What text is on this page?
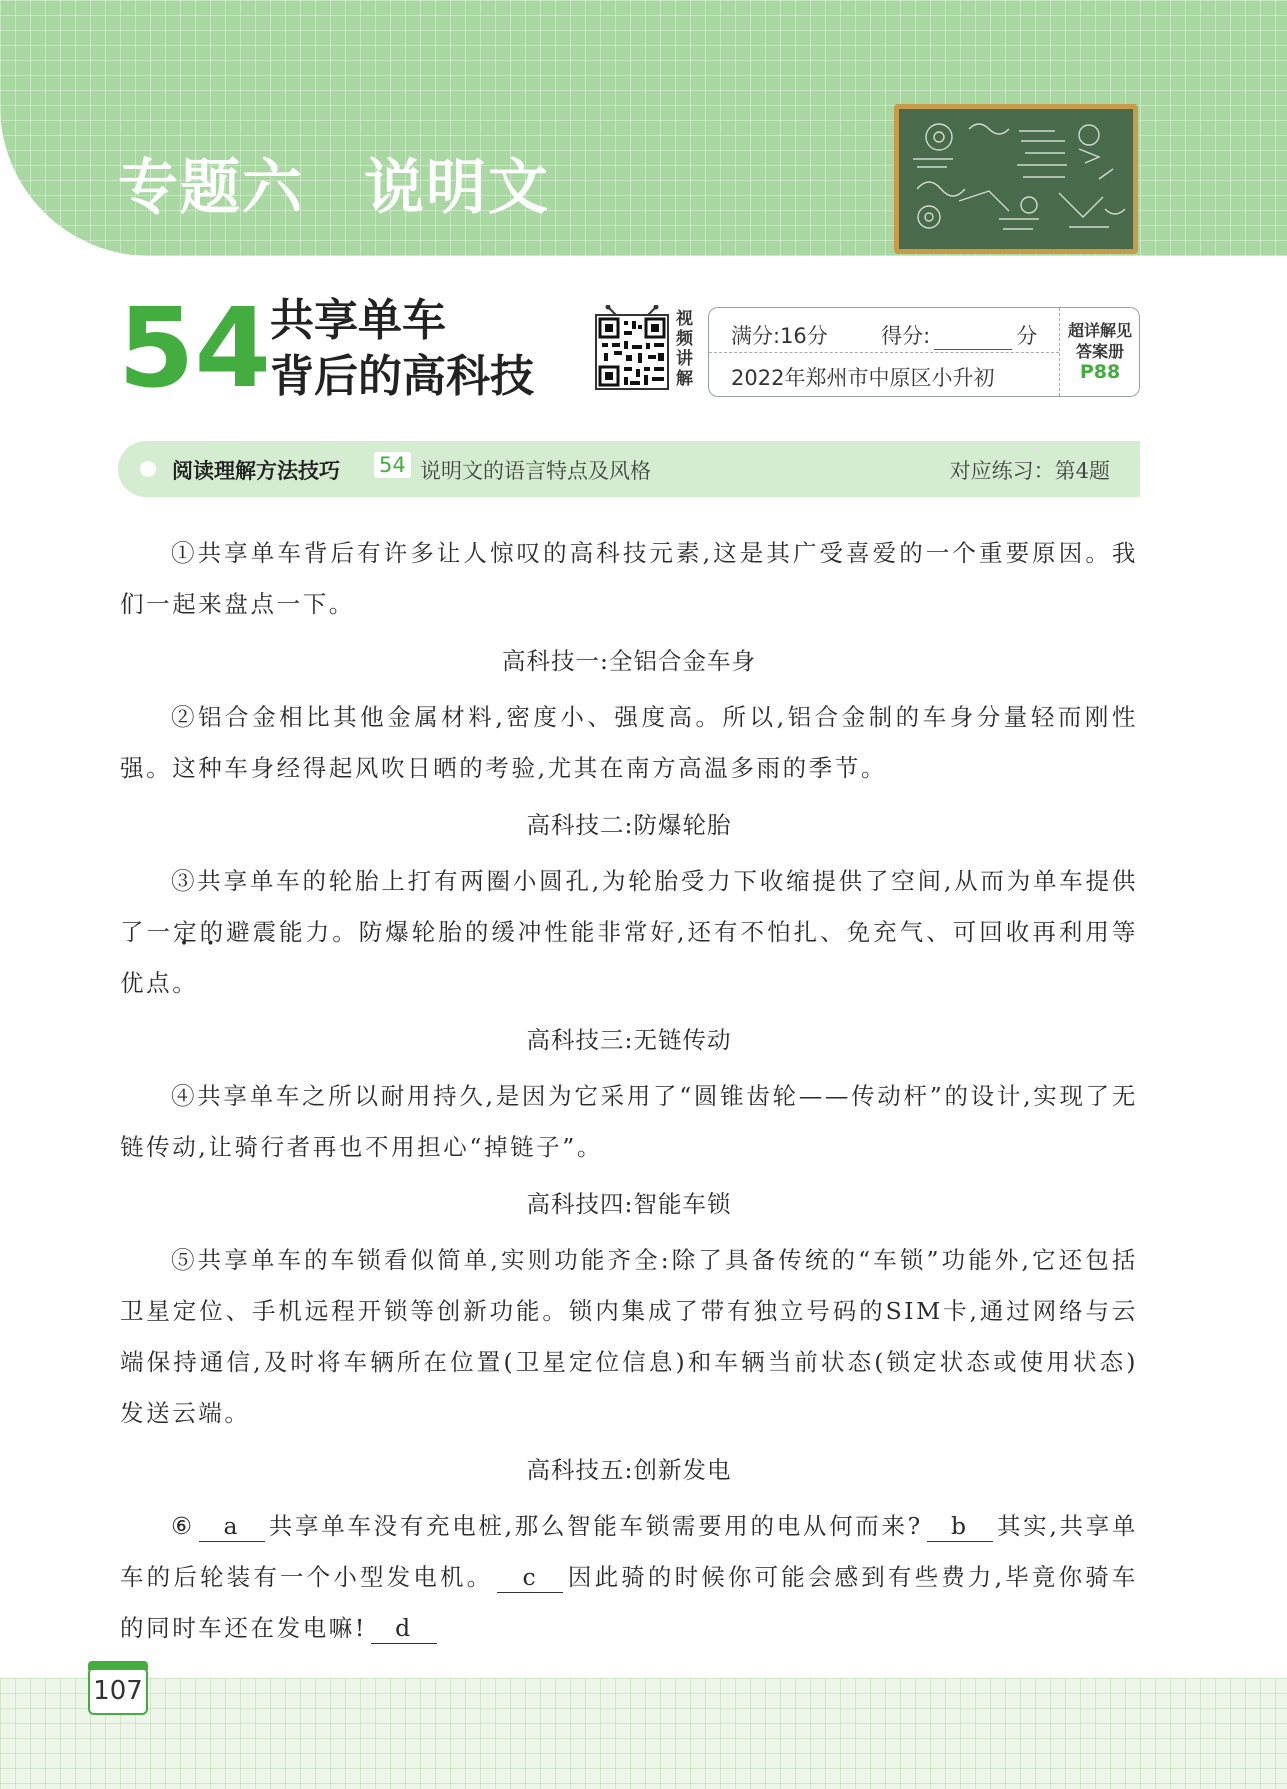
专题六 说明文
54
共享单车
背后的高科技
视
频
讲
解
满分:16分	得分:	分
2022年郑州市中原区小升初
超详解见
答案册
P88
阅读理解方法技巧 54 说明文的语言特点及风格	对应练习：第4题

①共享单车背后有许多让人惊叹的高科技元素,这是其广受喜爱的一个重要原因。我们一起来盘点一下。

高科技一:全铝合金车身

②铝合金相比其他金属材料,密度小、强度高。所以,铝合金制的车身分量轻而刚性强。这种车身经得起风吹日晒的考验,尤其在南方高温多雨的季节。

高科技二:防爆轮胎

③共享单车的轮胎上打有两圈小圆孔,为轮胎受力下收缩提供了空间,从而为单车提供了一定的避震能力。防爆轮胎的缓冲性能非常好,还有不怕扎、免充气、可回收再利用等优点。

高科技三:无链传动

④共享单车之所以耐用持久,是因为它采用了“圆锥齿轮——传动杆”的设计,实现了无链传动,让骑行者再也不用担心“掉链子”。

高科技四:智能车锁

⑤共享单车的车锁看似简单,实则功能齐全:除了具备传统的“车锁”功能外,它还包括卫星定位、手机远程开锁等创新功能。锁内集成了带有独立号码的SIM卡,通过网络与云端保持通信,及时将车辆所在位置(卫星定位信息)和车辆当前状态(锁定状态或使用状态)发送云端。

高科技五:创新发电

⑥ a 共享单车没有充电桩,那么智能车锁需要用的电从何而来? b 其实,共享单车的后轮装有一个小型发电机。 c 因此骑的时候你可能会感到有些费力,毕竟你骑车的同时车还在发电嘛! d

107
